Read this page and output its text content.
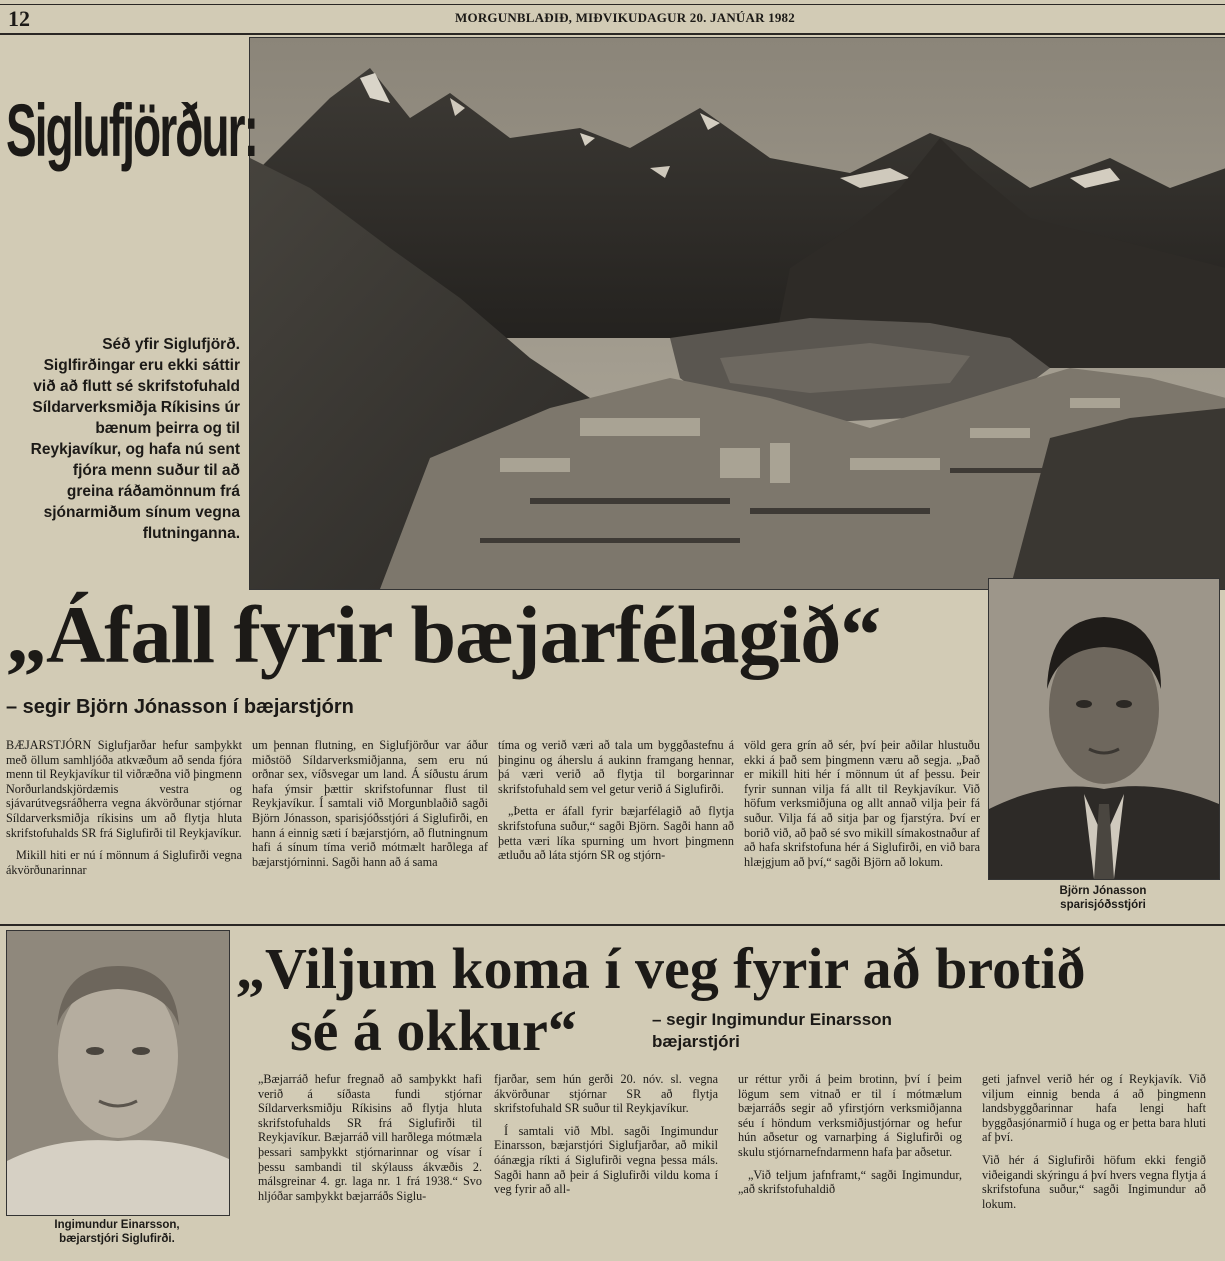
12	MORGUNBLAÐIÐ, MIÐVIKUDAGUR 20. JANÚAR 1982
Siglufjörður:
Séð yfir Siglufjörð. Siglfirðingar eru ekki sáttir við að flutt sé skrifstofuhald Síldarverksmiðja Ríkisins úr bænum þeirra og til Reykjavíkur, og hafa nú sent fjóra menn suður til að greina ráðamönnum frá sjónarmiðum sínum vegna flutninganna.
„Áfall fyrir bæjarfélagið“
– segir Björn Jónasson í bæjarstjórn

BÆJARSTJÓRN Siglufjarðar hefur samþykkt með öllum samhljóða atkvæðum að senda fjóra menn til Reykjavíkur til viðræðna við þingmenn Norðurlandskjördæmis vestra og sjávarútvegsráðherra vegna ákvörðunar stjórnar Síldarverksmiðja ríkisins um að flytja hluta skrifstofuhalds SR frá Siglufirði til Reykjavíkur.

Mikill hiti er nú í mönnum á Siglufirði vegna ákvörðunarinnar

um þennan flutning, en Siglufjörður var áður miðstöð Síldarverksmiðjanna, sem eru nú orðnar sex, víðsvegar um land. Á síðustu árum hafa ýmsir þættir skrifstofunnar flust til Reykjavíkur. Í samtali við Morgunblaðið sagði Björn Jónasson, sparisjóðsstjóri á Siglufirði, en hann á einnig sæti í bæjarstjórn, að flutningnum hafi á sínum tíma verið mótmælt harðlega af bæjarstjórninni. Sagði hann að á sama

tíma og verið væri að tala um byggðastefnu á þinginu og áherslu á aukinn framgang hennar, þá væri verið að flytja til borgarinnar skrifstofuhald sem vel getur verið á Siglufirði.

„Þetta er áfall fyrir bæjarfélagið að flytja skrifstofuna suður,“ sagði Björn. Sagði hann að þetta væri líka spurning um hvort þingmenn ætluðu að láta stjórn SR og stjórn-

völd gera grín að sér, því þeir aðilar hlustuðu ekki á það sem þingmenn væru að segja. „Það er mikill hiti hér í mönnum út af þessu. Þeir fyrir sunnan vilja fá allt til Reykjavíkur. Við höfum verksmiðjuna og allt annað vilja þeir fá suður. Vilja fá að sitja þar og fjarstýra. Því er borið við, að það sé svo mikill símakostnaður af að hafa skrifstofuna hér á Siglufirði, en við bara hlæjgjum að því,“ sagði Björn að lokum.

Björn Jónasson
sparisjóðsstjóri
Ingimundur Einarsson,
bæjarstjóri Siglufirði.
„Viljum koma í veg fyrir að brotið
sé á okkur“	– segir Ingimundur Einarsson
bæjarstjóri

„Bæjarráð hefur fregnað að samþykkt hafi verið á síðasta fundi stjórnar Síldarverksmiðju Ríkisins að flytja hluta skrifstofuhalds SR frá Siglufirði til Reykjavíkur. Bæjarráð vill harðlega mótmæla þessari samþykkt stjórnarinnar og vísar í þessu sambandi til skýlauss ákvæðis 2. málsgreinar 4. gr. laga nr. 1 frá 1938.“ Svo hljóðar samþykkt bæjarráðs Siglu-

fjarðar, sem hún gerði 20. nóv. sl. vegna ákvörðunar stjórnar SR að flytja skrifstofuhald SR suður til Reykjavíkur.

Í samtali við Mbl. sagði Ingimundur Einarsson, bæjarstjóri Siglufjarðar, að mikil óánægja ríkti á Siglufirði vegna þessa máls. Sagði hann að þeir á Siglufirði vildu koma í veg fyrir að all-

ur réttur yrði á þeim brotinn, því í þeim lögum sem vitnað er til í mótmælum bæjarráðs segir að yfirstjórn verksmiðjanna séu í höndum verksmiðjustjórnar og hefur hún aðsetur og varnarþing á Siglufirði og skulu stjórnarnefndarmenn hafa þar aðsetur.

„Við teljum jafnframt,“ sagði Ingimundur, „að skrifstofuhaldið

geti jafnvel verið hér og í Reykjavík. Við viljum einnig benda á að þingmenn landsbyggðarinnar hafa lengi haft byggðasjónarmið í huga og er þetta bara hluti af því.

Við hér á Siglufirði höfum ekki fengið viðeigandi skýringu á því hvers vegna flytja á skrifstofuna suður,“ sagði Ingimundur að lokum.
